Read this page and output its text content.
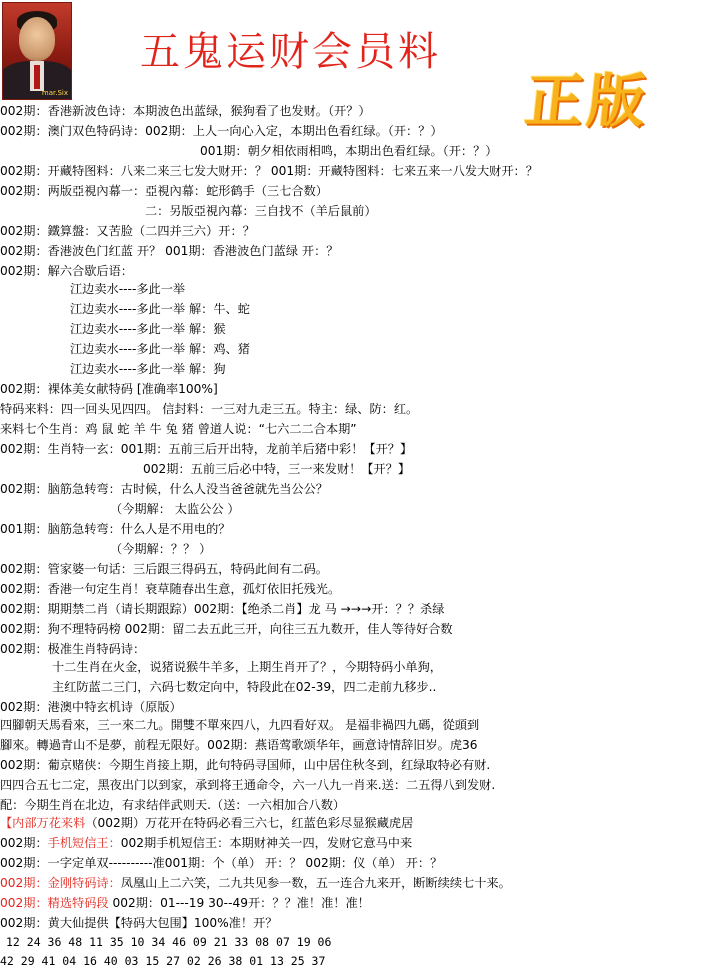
mar.Six
五鬼运财会员料
正版
002期：香港新波色诗：本期波色出蓝绿，猴狗看了也发财。（开？）
002期：澳门双色特码诗：002期：上人一向心入定，本期出色看红绿。（开：？）
001期：朝夕相依雨相鸣，本期出色看红绿。（开：？）
002期：开藏特图料：八来二来三七发大财开：？ 001期：开藏特图料：七来五来一八发大财开：？
002期：两版亞視內幕一：亞視內幕：蛇形鹤手（三七合数）
二：另版亞視內幕：三自找不（羊后鼠前）
002期：鐵算盤：又苦脸（二四并三六）开：？
002期：香港波色门红蓝 开？ 001期：香港波色门蓝绿 开：？
002期：解六合歇后语：
江边卖水----多此一举
江边卖水----多此一举 解：牛、蛇
江边卖水----多此一举 解：猴
江边卖水----多此一举 解：鸡、猪
江边卖水----多此一举 解：狗
002期：裸体美女献特码 [准确率100%]
特码来料：四一回头见四四。 信封料：一三对九走三五。特主：绿、防：红。
来料七个生肖：鸡 鼠 蛇 羊 牛 兔 猪 曾道人说：“七六二二合本期”
002期：生肖特一玄：001期：五前三后开出特，龙前羊后猪中彩！【开？】
002期：五前三后必中特，三一来发财！【开？】
002期：脑筋急转弯：古时候，什么人没当爸爸就先当公公？
（今期解： 太监公公 ）
001期：脑筋急转弯：什么人是不用电的？
（今期解：？？ ）
002期：管家婆一句话：三后跟三得码五，特码此间有二码。
002期：香港一句定生肖！衰草随春出生意，孤灯依旧托残光。
002期：期期禁二肖（请长期跟踪）002期：【绝杀二肖】龙 马 →→→开：？？杀绿
002期：狗不理特码榜 002期：留二去五此三开，向往三五九数开，佳人等待好合数
002期：极准生肖特码诗：
十二生肖在火金，说猪说猴牛羊多，上期生肖开了？，今期特码小单狗，
主红防蓝二三门，六码七数定向中，特段此在02-39，四二走前九移步..
002期：港澳中特玄机诗（原版）
四腳朝天馬看來，三一來二九。開雙不單來四八，九四看好双。 是福非禍四九碼，從頭到
腳來。轉過青山不是夢，前程无限好。002期：燕语莺歌颂华年，画意诗情辞旧岁。虎36
002期：葡京赌侠：今期生肖接上期，此句特码寻国师，山中居住秋冬到，红绿取特必有财.
四四合五七二定，黑夜出门以到家，承到将王通命令，六一八九一肖来.送：二五得八到发财.
配：今期生肖在北边，有求结伴武则天.（送：一六相加合八数）
【内部万花来料（002期）万花开在特码必看三六七，红蓝色彩尽显猴藏虎居
002期：手机短信王：002期手机短信王：本期财神关一四，发财它意马中来
002期：一字定单双----------准001期：个（单） 开：？ 002期：仪（单） 开：？
002期：金刚特码诗：凤凰山上二六笑，二九共见参一数，五一连合九来开，断断续续七十来。
002期：精选特码段 002期：01---19 30--49开：？？准！准！准！
002期：黄大仙提供【特码大包围】100%准！开？
12 24 36 48 11 35 10 34 46 09 21 33 08 07 19 06
42 29 41 04 16 40 03 15 27 02 26 38 01 13 25 37
